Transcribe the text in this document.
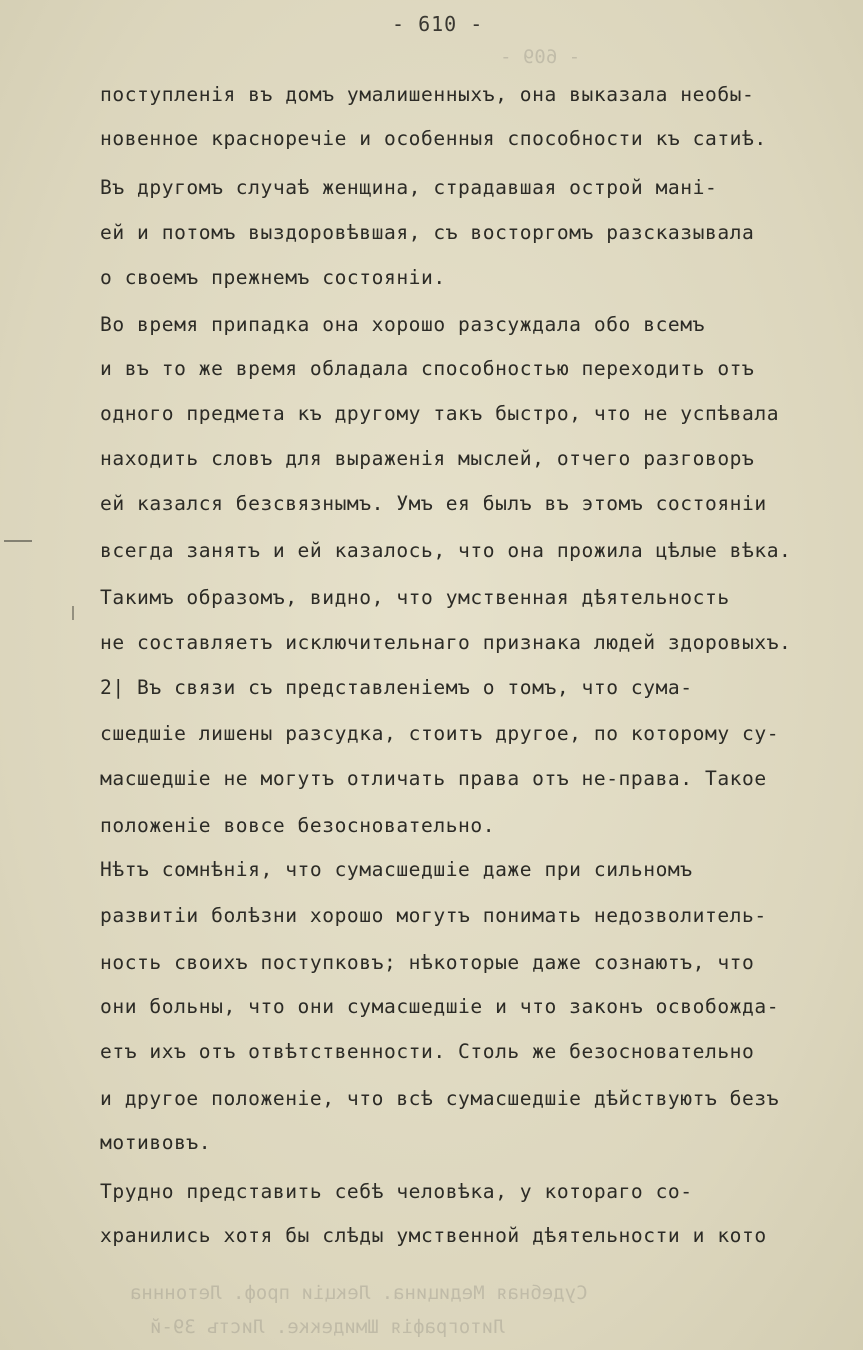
- 609 -
Судебная Медицина. Лекціи проф. Летоннна
Литографія Шмидекке. Листъ 39-й
- 610 -
поступленія въ домъ умалишенныхъ, она выказала необы-
новенное красноречіе и особенныя способности къ сатиѣ.
Въ другомъ случаѣ женщина, страдавшая острой мані-
ей и потомъ выздоровѣвшая, съ восторгомъ разсказывала
о своемъ прежнемъ состояніи.
Во время припадка она хорошо разсуждала обо всемъ
и въ то же время обладала способностью переходить отъ
одного предмета къ другому такъ быстро, что не успѣвала
находить словъ для выраженія мыслей, отчего разговоръ
ей казался безсвязнымъ. Умъ ея былъ въ этомъ состояніи
всегда занятъ и ей казалось, что она прожила цѣлые вѣка.
Такимъ образомъ, видно, что умственная дѣятельность
не составляетъ исключительнаго признака людей здоровыхъ.
2| Въ связи съ представленіемъ о томъ, что сума-
сшедшіе лишены разсудка, стоитъ другое, по которому су-
масшедшіе не могутъ отличать права отъ не-права. Такое
положеніе вовсе безосновательно.
Нѣтъ сомнѣнія, что сумасшедшіе даже при сильномъ
развитіи болѣзни хорошо могутъ понимать недозволитель-
ность своихъ поступковъ; нѣкоторые даже сознаютъ, что
они больны, что они сумасшедшіе и что законъ освобожда-
етъ ихъ отъ отвѣтственности. Столь же безосновательно
и другое положеніе, что всѣ сумасшедшіе дѣйствуютъ безъ
мотивовъ.
Трудно представить себѣ человѣка, у котораго со-
хранились хотя бы слѣды умственной дѣятельности и кото
